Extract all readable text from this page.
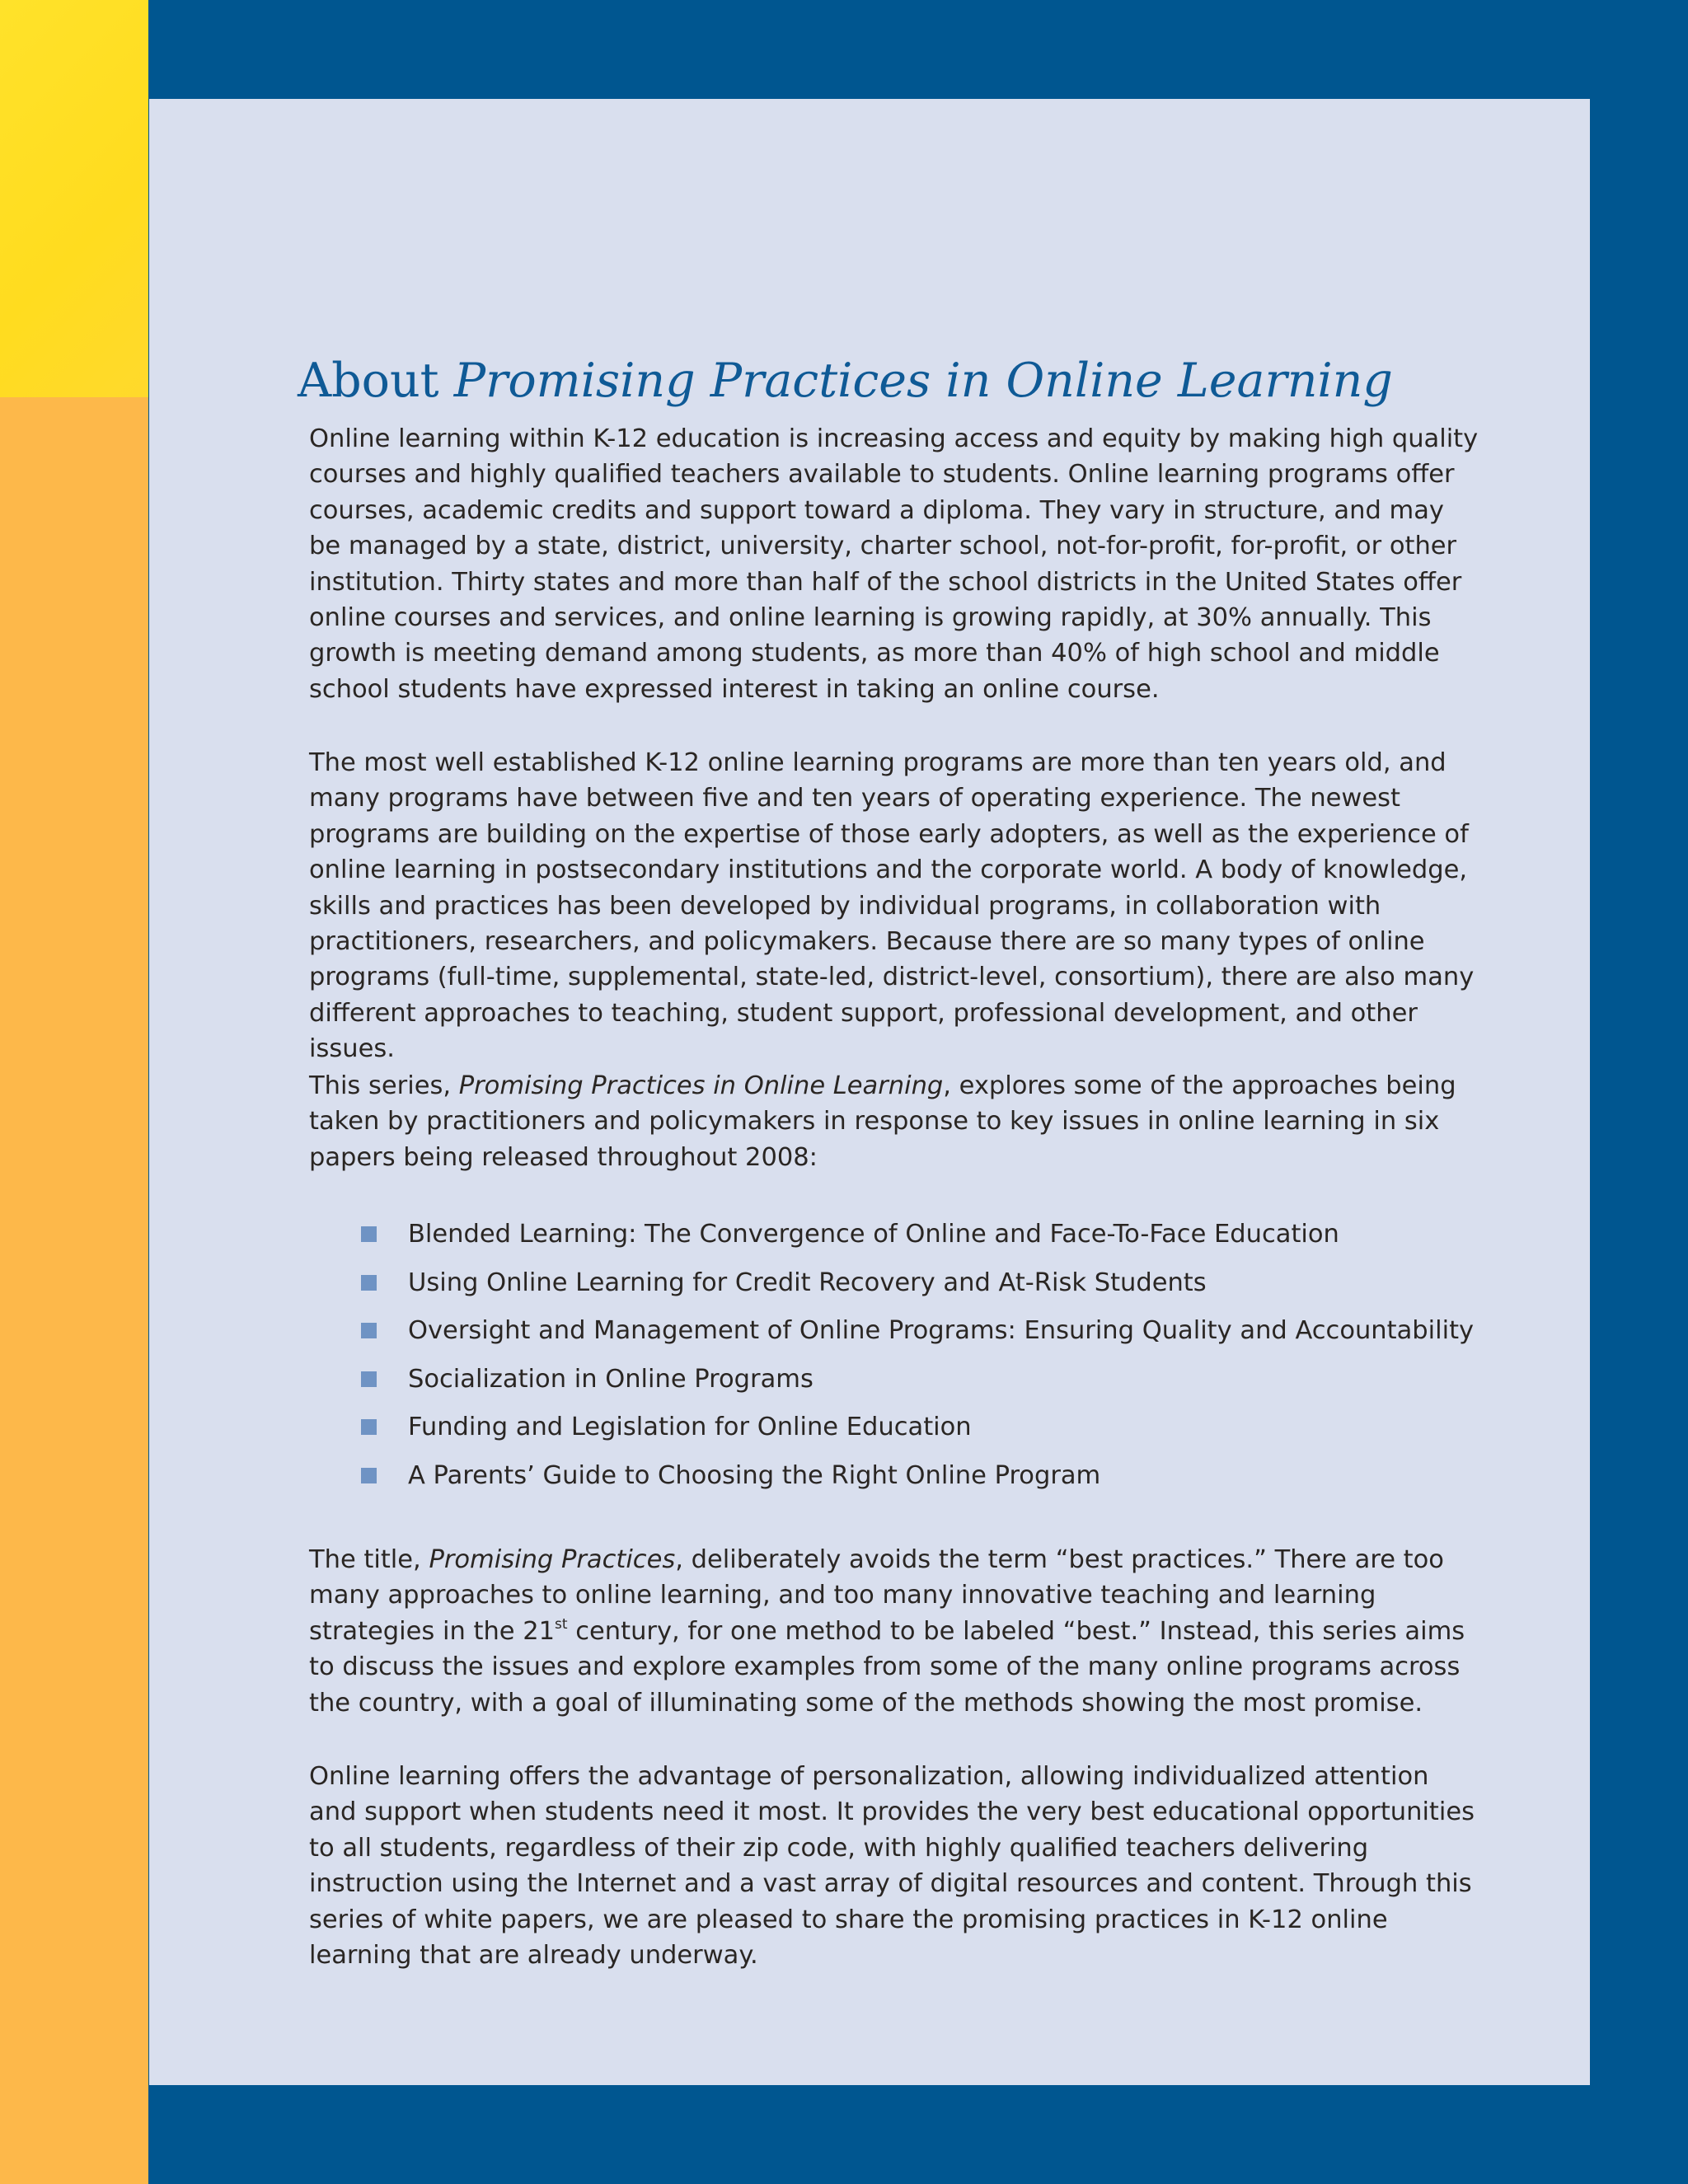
About Promising Practices in Online Learning

Online learning within K-12 education is increasing access and equity by making high quality courses and highly qualified teachers available to students. Online learning programs offer courses, academic credits and support toward a diploma. They vary in structure, and may be managed by a state, district, university, charter school, not-for-profit, for-profit, or other institution. Thirty states and more than half of the school districts in the United States offer online courses and services, and online learning is growing rapidly, at 30% annually. This growth is meeting demand among students, as more than 40% of high school and middle school students have expressed interest in taking an online course.

The most well established K-12 online learning programs are more than ten years old, and many programs have between five and ten years of operating experience. The newest programs are building on the expertise of those early adopters, as well as the experience of online learning in postsecondary institutions and the corporate world. A body of knowledge, skills and practices has been developed by individual programs, in collaboration with practitioners, researchers, and policymakers. Because there are so many types of online programs (full-time, supplemental, state-led, district-level, consortium), there are also many different approaches to teaching, student support, professional development, and other issues.

This series, Promising Practices in Online Learning, explores some of the approaches being taken by practitioners and policymakers in response to key issues in online learning in six papers being released throughout 2008:

Blended Learning: The Convergence of Online and Face-To-Face Education
Using Online Learning for Credit Recovery and At-Risk Students
Oversight and Management of Online Programs: Ensuring Quality and Accountability
Socialization in Online Programs
Funding and Legislation for Online Education
A Parents’ Guide to Choosing the Right Online Program

The title, Promising Practices, deliberately avoids the term “best practices.” There are too many approaches to online learning, and too many innovative teaching and learning strategies in the 21st century, for one method to be labeled “best.” Instead, this series aims to discuss the issues and explore examples from some of the many online programs across the country, with a goal of illuminating some of the methods showing the most promise.

Online learning offers the advantage of personalization, allowing individualized attention and support when students need it most. It provides the very best educational opportunities to all students, regardless of their zip code, with highly qualified teachers delivering instruction using the Internet and a vast array of digital resources and content. Through this series of white papers, we are pleased to share the promising practices in K-12 online learning that are already underway.
